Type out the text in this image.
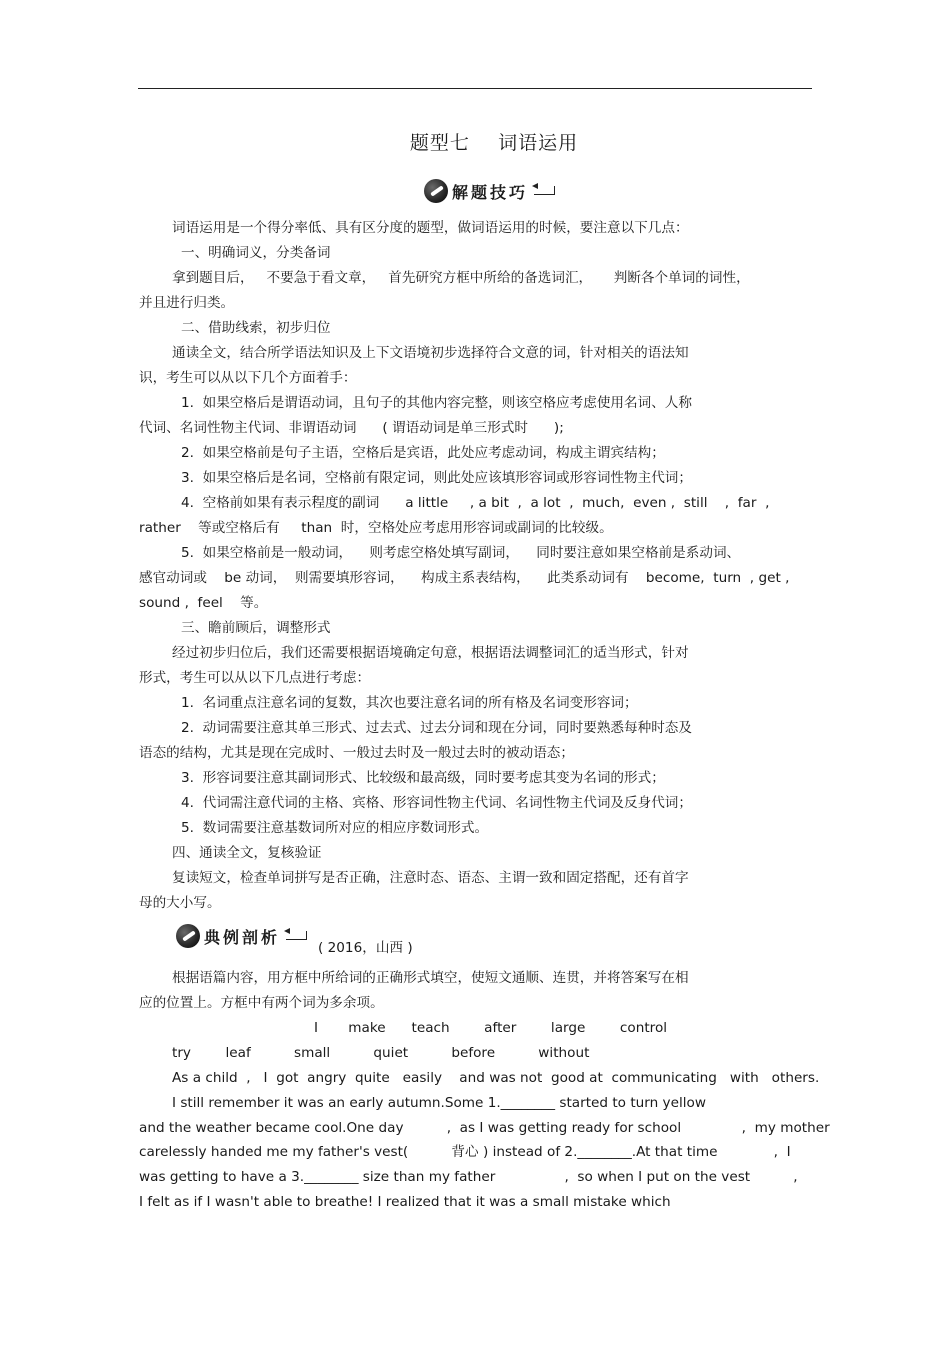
题型七    词语运用
解题技巧
词语运用是一个得分率低、具有区分度的题型，做词语运用的时候，要注意以下几点：
一、明确词义，分类备词
拿到题目后，   不要急于看文章，   首先研究方框中所给的备选词汇，     判断各个单词的词性，
并且进行归类。
二、借助线索，初步归位
通读全文，结合所学语法知识及上下文语境初步选择符合文意的词，针对相关的语法知
识，考生可以从以下几个方面着手：
1.  如果空格后是谓语动词，且句子的其他内容完整，则该空格应考虑使用名词、人称
代词、名词性物主代词、非谓语动词      ( 谓语动词是单三形式时      );
2.  如果空格前是句子主语，空格后是宾语，此处应考虑动词，构成主谓宾结构；
3.  如果空格后是名词，空格前有限定词，则此处应该填形容词或形容词性物主代词；
4.  空格前如果有表示程度的副词      a little     , a bit  ,  a lot  ,  much,  even ,  still    ,  far  ,
rather    等或空格后有     than  时，空格处应考虑用形容词或副词的比较级。
5.  如果空格前是一般动词，    则考虑空格处填写副词，    同时要注意如果空格前是系动词、
感官动词或    be 动词，  则需要填形容词，    构成主系表结构，    此类系动词有    become,  turn  , get ,
sound ,  feel    等。
三、瞻前顾后，调整形式
经过初步归位后，我们还需要根据语境确定句意，根据语法调整词汇的适当形式，针对
形式，考生可以从以下几点进行考虑：
1.  名词重点注意名词的复数，其次也要注意名词的所有格及名词变形容词；
2.  动词需要注意其单三形式、过去式、过去分词和现在分词，同时要熟悉每种时态及
语态的结构，尤其是现在完成时、一般过去时及一般过去时的被动语态；
3.  形容词要注意其副词形式、比较级和最高级，同时要考虑其变为名词的形式；
4.  代词需注意代词的主格、宾格、形容词性物主代词、名词性物主代词及反身代词；
5.  数词需要注意基数词所对应的相应序数词形式。
四、通读全文，复核验证
复读短文，检查单词拼写是否正确，注意时态、语态、主谓一致和固定搭配，还有首字
母的大小写。
典例剖析
( 2016，山西 )
根据语篇内容，用方框中所给词的正确形式填空，使短文通顺、连贯，并将答案写在相
应的位置上。方框中有两个词为多余项。
I       make      teach        after        large        control
try        leaf          small          quiet          before          without
As a child  ,   I  got  angry  quite   easily    and was not  good at  communicating   with   others.
I still remember it was an early autumn.Some 1.________ started to turn yellow
and the weather became cool.One day          ,  as I was getting ready for school              ,  my mother
carelessly handed me my father's vest(          背心 ) instead of 2.________.At that time             ,  I
was getting to have a 3.________ size than my father                ,  so when I put on the vest          ,
I felt as if I wasn't able to breathe! I realized that it was a small mistake which
